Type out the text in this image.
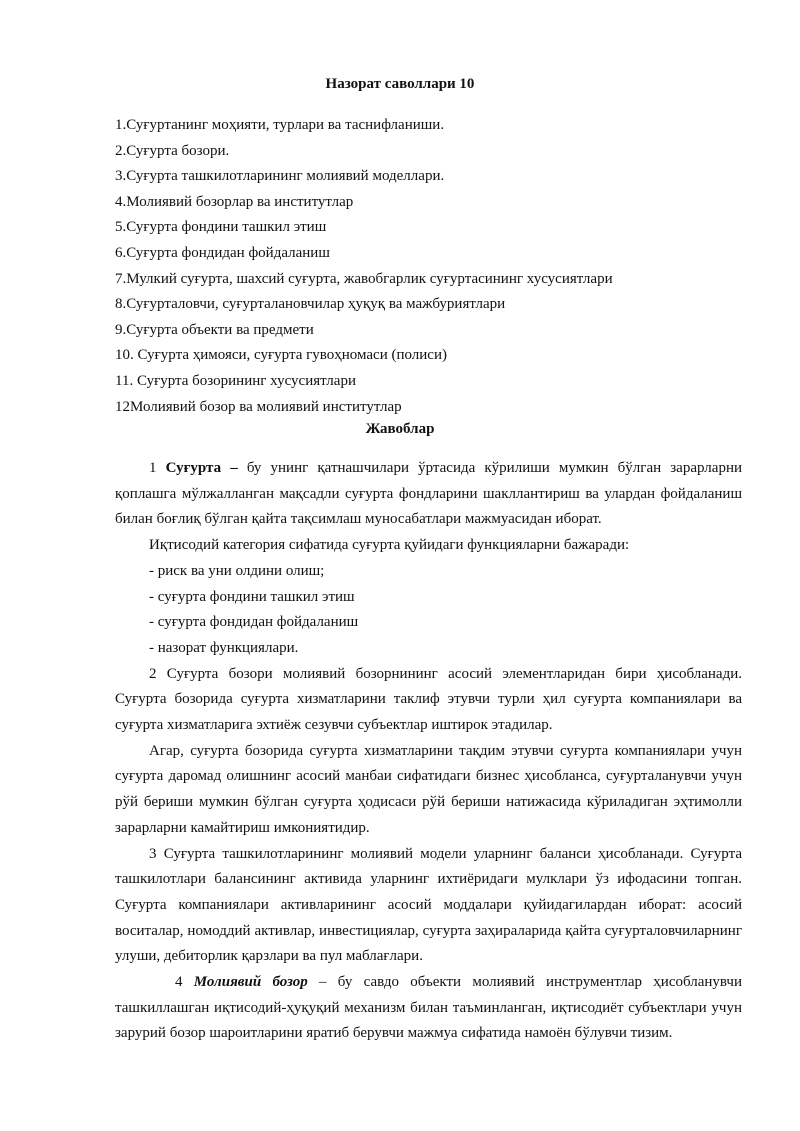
Назорат саволлари 10
1.Суғуртанинг моҳияти, турлари ва таснифланиши.
2.Суғурта бозори.
3.Суғурта ташкилотларининг молиявий моделлари.
4.Молиявий бозорлар ва институтлар
5.Суғурта фондини ташкил этиш
6.Суғурта фондидан фойдаланиш
7.Мулкий суғурта, шахсий суғурта, жавобгарлик суғуртасининг хусусиятлари
8.Суғурталовчи, суғурталановчилар ҳуқуқ ва мажбуриятлари
9.Суғурта объекти ва предмети
10. Суғурта ҳимояси, суғурта гувоҳномаси (полиси)
11. Суғурта бозорининг хусусиятлари
12Молиявий бозор ва молиявий институтлар
Жавоблар

1 Суғурта – бу унинг қатнашчилари ўртасида кўрилиши мумкин бўлган зарарларни қоплашга мўлжалланган мақсадли суғурта фондларини шакллантириш ва улардан фойдаланиш билан боғлиқ бўлган қайта тақсимлаш муносабатлари мажмуасидан иборат.

Иқтисодий категория сифатида суғурта қуйидаги функцияларни бажаради:

- риск ва уни олдини олиш;

- суғурта фондини ташкил этиш

- суғурта фондидан фойдаланиш

- назорат функциялари.

2 Суғурта бозори молиявий бозорнининг асосий элементларидан бири ҳисобланади. Суғурта бозорида суғурта хизматларини таклиф этувчи турли ҳил суғурта компаниялари ва суғурта хизматларига эхтиёж сезувчи субъектлар иштирок этадилар.

Агар, суғурта бозорида суғурта хизматларини тақдим этувчи суғурта компаниялари учун суғурта даромад олишнинг асосий манбаи сифатидаги бизнес ҳисобланса, суғурталанувчи учун рўй бериши мумкин бўлган суғурта ҳодисаси рўй бериши натижасида кўриладиган эҳтимолли зарарларни камайтириш имкониятидир.

3 Суғурта ташкилотларининг молиявий модели уларнинг баланси ҳисобланади. Суғурта ташкилотлари балансининг активида уларнинг ихтиёридаги мулклари ўз ифодасини топган. Суғурта компаниялари активларининг асосий моддалари қуйидагилардан иборат: асосий воситалар, номоддий активлар, инвестициялар, суғурта заҳираларида қайта суғурталовчиларнинг улуши, дебиторлик қарзлари ва пул маблағлари.

4 Молиявий бозор – бу савдо объекти молиявий инструментлар ҳисобланувчи ташкиллашган иқтисодий-ҳуқуқий механизм билан таъминланган, иқтисодиёт субъектлари учун зарурий бозор шароитларини яратиб берувчи мажмуа сифатида намоён бўлувчи тизим.
